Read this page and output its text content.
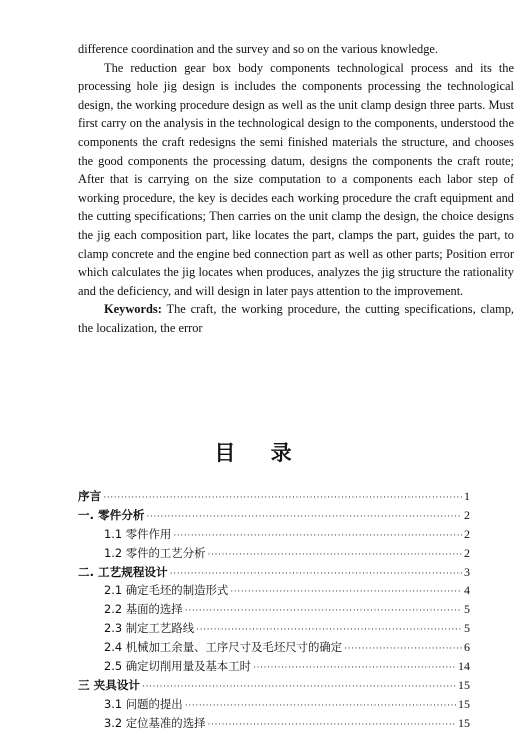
difference coordination and the survey and so on the various knowledge.

The reduction gear box body components technological process and its the processing hole jig design is includes the components processing the technological design, the working procedure design as well as the unit clamp design three parts. Must first carry on the analysis in the technological design to the components, understood the components the craft redesigns the semi finished materials the structure, and chooses the good components the processing datum, designs the components the craft route; After that is carrying on the size computation to a components each labor step of working procedure, the key is decides each working procedure the craft equipment and the cutting specifications; Then carries on the unit clamp the design, the choice designs the jig each composition part, like locates the part, clamps the part, guides the part, to clamp concrete and the engine bed connection part as well as other parts; Position error which calculates the jig locates when produces, analyzes the jig structure the rationality and the deficiency, and will design in later pays attention to the improvement.

Keywords: The craft, the working procedure, the cutting specifications, clamp, the localization, the error

目 录
序言 ·····	1
一. 零件分析 ·····	2
1.1 零件作用 ·····	2
1.2 零件的工艺分析 ·····	2
二. 工艺规程设计 ·····	3
2.1 确定毛坯的制造形式 ·····	4
2.2 基面的选择 ·····	5
2.3 制定工艺路线 ·····	5
2.4 机械加工余量、工序尺寸及毛坯尺寸的确定 ·····	6
2.5 确定切削用量及基本工时 ·····	14
三 夹具设计 ·····	15
3.1 问题的提出 ·····	15
3.2 定位基准的选择 ·····	15
